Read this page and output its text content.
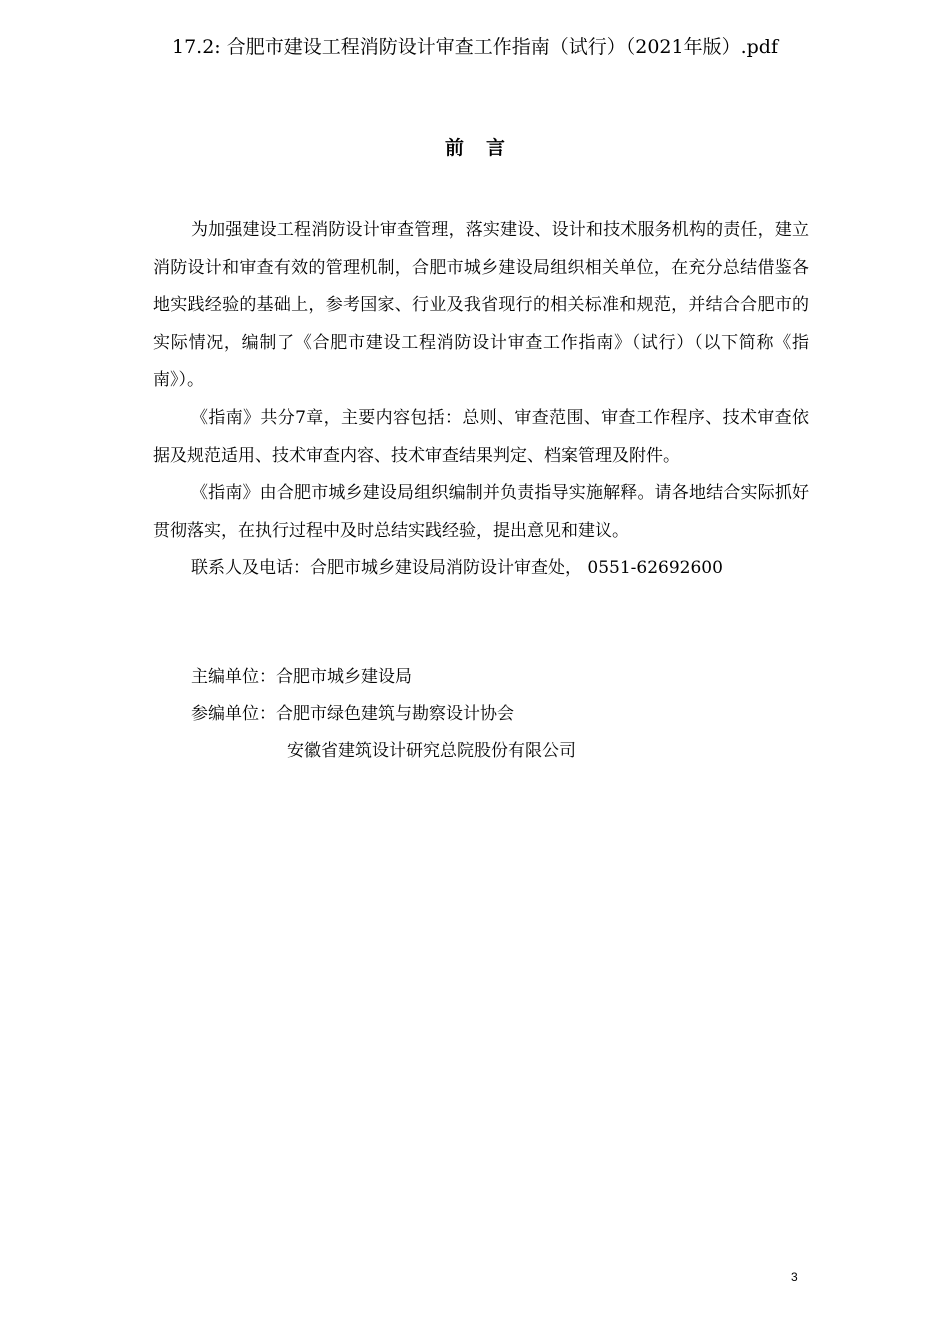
17.2: 合肥市建设工程消防设计审查工作指南（试行）（2021年版）.pdf
前言

为加强建设工程消防设计审查管理，落实建设、设计和技术服务机构的责任，建立消防设计和审查有效的管理机制，合肥市城乡建设局组织相关单位，在充分总结借鉴各地实践经验的基础上，参考国家、行业及我省现行的相关标准和规范，并结合合肥市的实际情况，编制了《合肥市建设工程消防设计审查工作指南》（试行）（以下简称《指南》）。

《指南》共分7章，主要内容包括：总则、审查范围、审查工作程序、技术审查依据及规范适用、技术审查内容、技术审查结果判定、档案管理及附件。

《指南》由合肥市城乡建设局组织编制并负责指导实施解释。请各地结合实际抓好贯彻落实，在执行过程中及时总结实践经验，提出意见和建议。

联系人及电话：合肥市城乡建设局消防设计审查处， 0551-62692600

主编单位：合肥市城乡建设局

参编单位：合肥市绿色建筑与勘察设计协会

安徽省建筑设计研究总院股份有限公司

3
